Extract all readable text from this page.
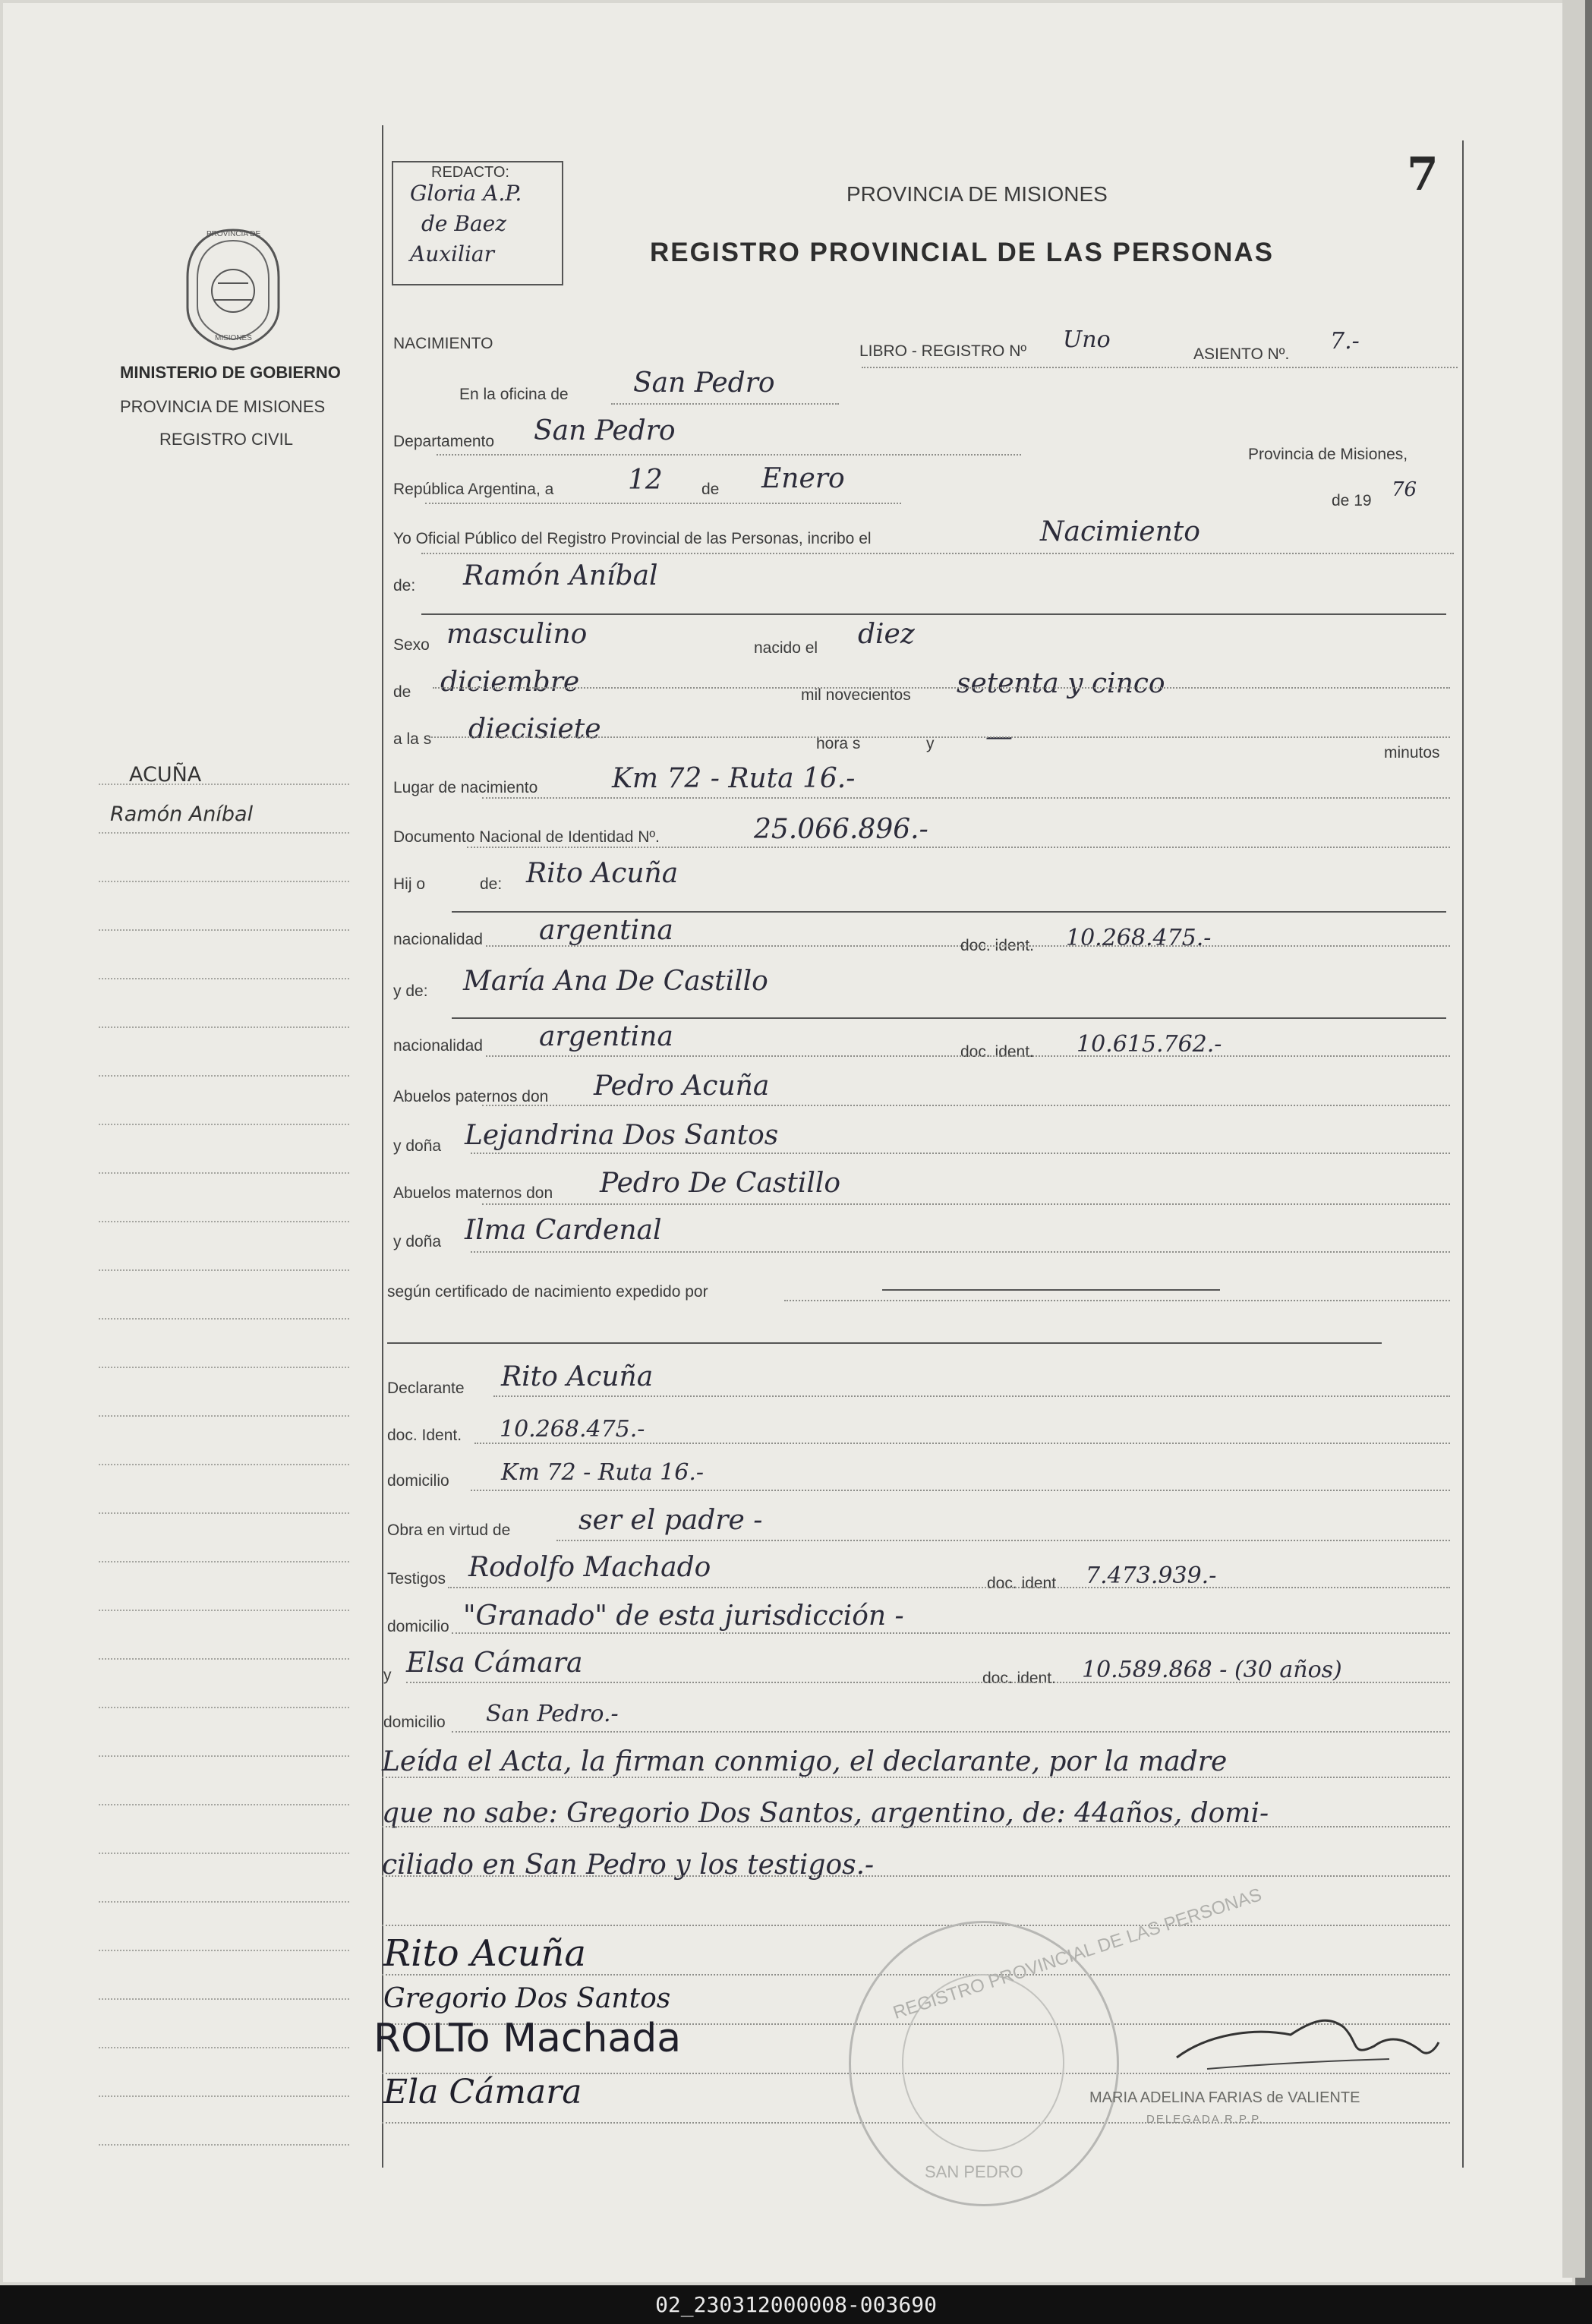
7
REDACTO:
Gloria A.P.
de Baez
Auxiliar
PROVINCIA DE MISIONES
REGISTRO PROVINCIAL DE LAS PERSONAS
PROVINCIA DE
MISIONES
MINISTERIO DE GOBIERNO
PROVINCIA DE MISIONES
REGISTRO CIVIL
ACUÑA
Ramón Aníbal
NACIMIENTO	LIBRO - REGISTRO Nº Uno
ASIENTO Nº. 7.-
En la oficina de San Pedro
Departamento San Pedro
Provincia de Misiones,
República Argentina, a	12 de Enero
de 19 76
Yo Oficial Público del Registro Provincial de las Personas, incribo el	Nacimiento
de: Ramón Aníbal
Sexo masculino	nacido el diez
de diciembre	mil novecientos setenta y cinco
a la s diecisiete	hora s	y —
minutos
Lugar de nacimiento	Km 72 - Ruta 16.-
Documento Nacional de Identidad Nº.	25.066.896.-
Hij o	de: Rito Acuña
nacionalidad argentina	doc. ident. 10.268.475.-
y de: María Ana De Castillo
nacionalidad argentina	doc. ident. 10.615.762.-
Abuelos paternos don Pedro Acuña
y doña Lejandrina Dos Santos
Abuelos maternos don Pedro De Castillo
y doña Ilma Cardenal
según certificado de nacimiento expedido por
Declarante Rito Acuña
doc. Ident. 10.268.475.-
domicilio Km 72 - Ruta 16.-
Obra en virtud de ser el padre -
Testigos Rodolfo Machado
doc. ident 7.473.939.-
domicilio "Granado" de esta jurisdicción -
y Elsa Cámara	doc. ident. 10.589.868 - (30 años)
domicilio San Pedro.-
Leída el Acta, la firman conmigo, el declarante, por la madre
que no sabe: Gregorio Dos Santos, argentino, de: 44años, domi-
ciliado en San Pedro y los testigos.-
REGISTRO PROVINCIAL DE LAS PERSONAS
SAN PEDRO
Rito Acuña
Gregorio Dos Santos
ROLTo Machada
Ela Cámara	MARIA ADELINA FARIAS de VALIENTE
DELEGADA R.P.P.
02_230312000008-003690
